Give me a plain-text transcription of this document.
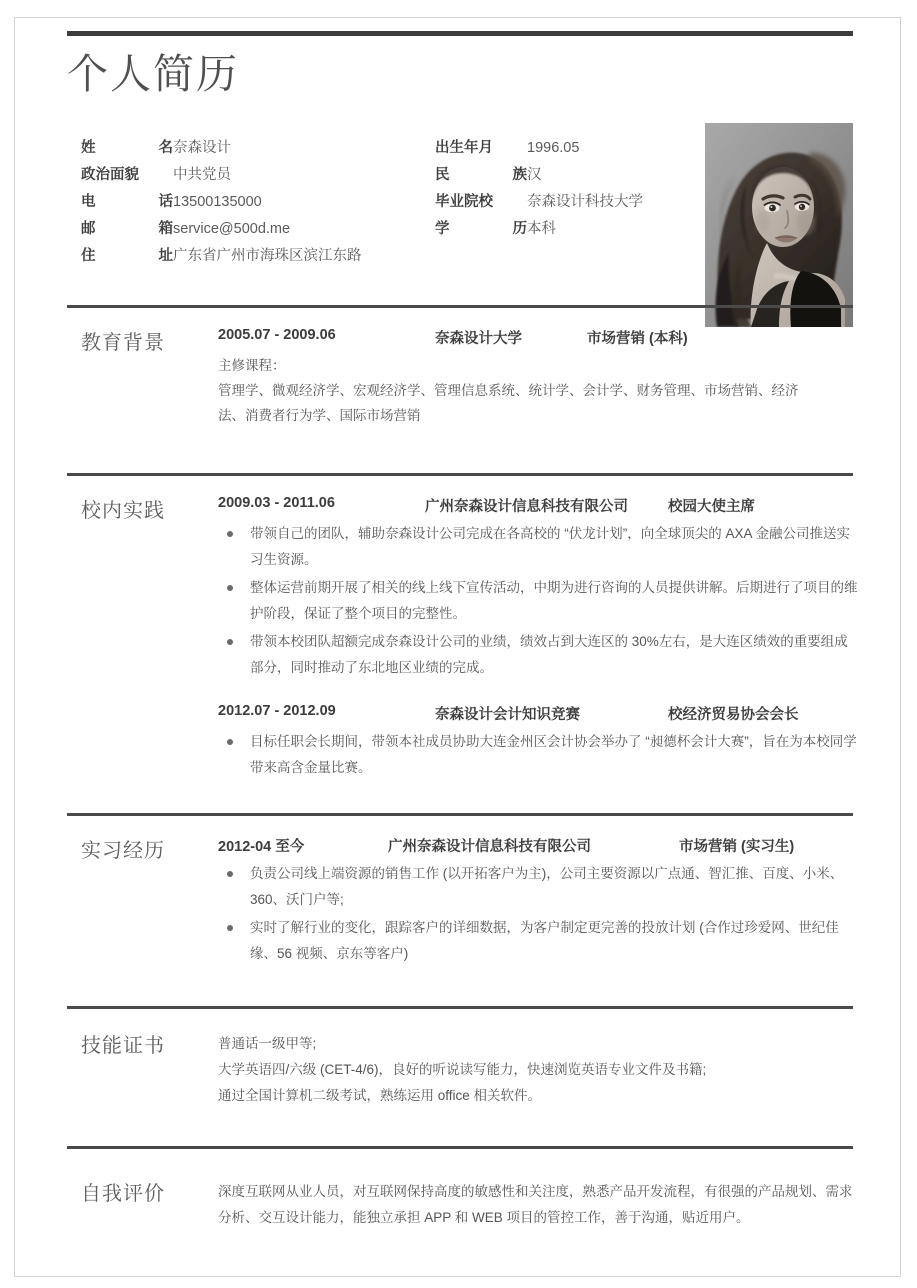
个人简历
姓	名 奈森设计
政治面貌	中共党员
电	话 13500135000
邮	箱 service@500d.me
住	址 广东省广州市海珠区滨江东路
出生年月	1996.05
民	族 汉
毕业院校	奈森设计科技大学
学	历 本科
教育背景	2005.07 - 2009.06	奈森设计大学	市场营销 (本科)
主修课程：
管理学、微观经济学、宏观经济学、管理信息系统、统计学、会计学、财务管理、市场营销、经济
法、消费者行为学、国际市场营销
校内实践	2009.03 - 2011.06	广州奈森设计信息科技有限公司	校园大使主席
带领自己的团队，辅助奈森设计公司完成在各高校的 “伏龙计划”，向全球顶尖的 AXA 金融公司推送实习生资源。
整体运营前期开展了相关的线上线下宣传活动，中期为进行咨询的人员提供讲解。后期进行了项目的维护阶段，保证了整个项目的完整性。
带领本校团队超额完成奈森设计公司的业绩，绩效占到大连区的 30%左右，是大连区绩效的重要组成部分，同时推动了东北地区业绩的完成。
2012.07 - 2012.09	奈森设计会计知识竞赛	校经济贸易协会会长
目标任职会长期间，带领本社成员协助大连金州区会计协会举办了 “昶德杯会计大赛”，旨在为本校同学带来高含金量比赛。
实习经历	2012-04 至今	广州奈森设计信息科技有限公司	市场营销 (实习生)
负责公司线上端资源的销售工作 (以开拓客户为主)，公司主要资源以广点通、智汇推、百度、小米、360、沃门户等;
实时了解行业的变化，跟踪客户的详细数据，为客户制定更完善的投放计划 (合作过珍爱网、世纪佳缘、56 视频、京东等客户)
技能证书	普通话一级甲等;
大学英语四/六级 (CET-4/6)，良好的听说读写能力，快速浏览英语专业文件及书籍;
通过全国计算机二级考试，熟练运用 office 相关软件。
自我评价	深度互联网从业人员，对互联网保持高度的敏感性和关注度，熟悉产品开发流程，有很强的产品规划、需求分析、交互设计能力，能独立承担 APP 和 WEB 项目的管控工作，善于沟通，贴近用户。
